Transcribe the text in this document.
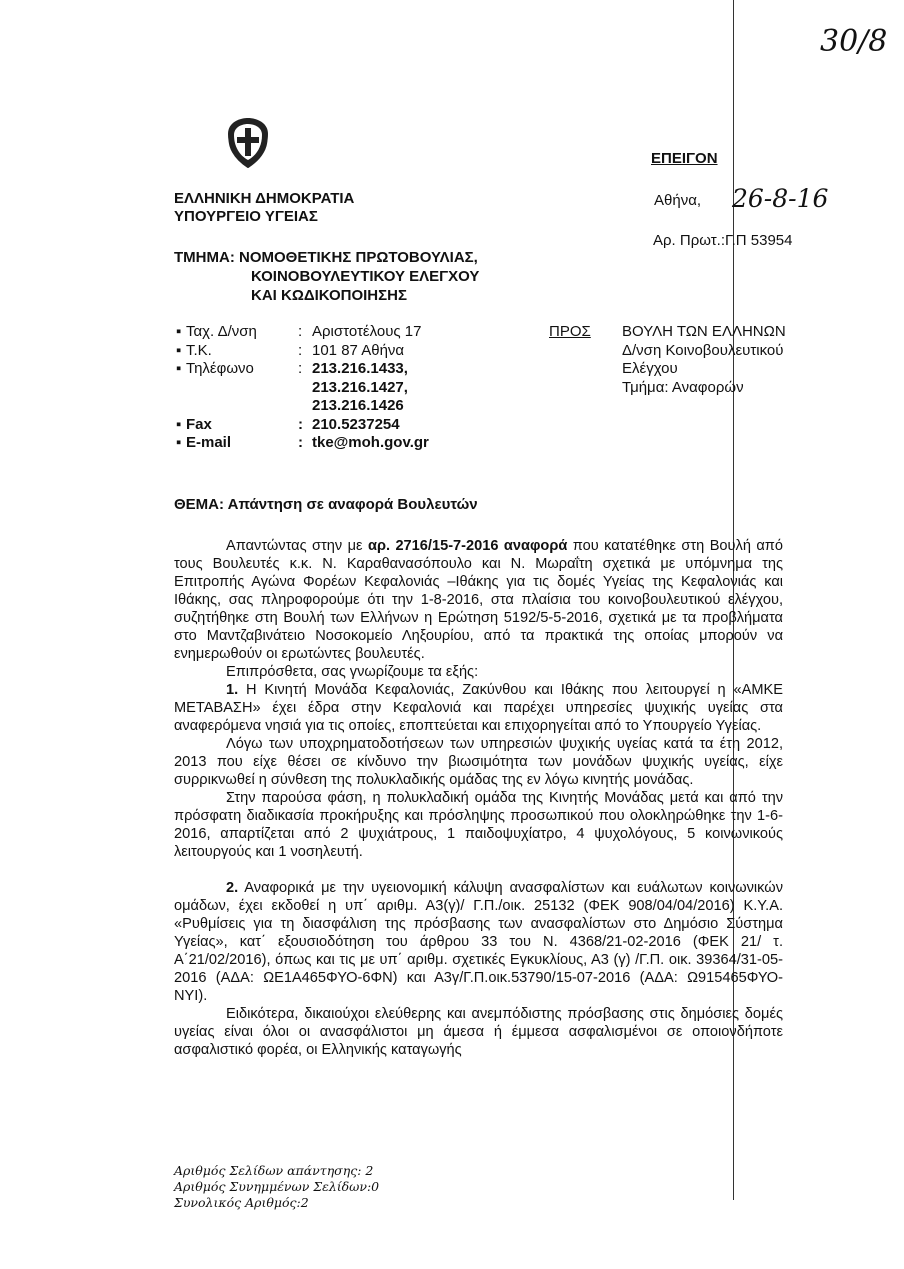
30/8
ΕΛΛΗΝΙΚΗ ΔΗΜΟΚΡΑΤΙΑ
ΥΠΟΥΡΓΕΙΟ ΥΓΕΙΑΣ
ΤΜΗΜΑ: ΝΟΜΟΘΕΤΙΚΗΣ ΠΡΩΤΟΒΟΥΛΙΑΣ,
ΚΟΙΝΟΒΟΥΛΕΥΤΙΚΟΥ ΕΛΕΓΧΟΥ
ΚΑΙ ΚΩΔΙΚΟΠΟΙΗΣΗΣ
ΕΠΕΙΓΟΝ
Αθήνα, 26-8-16
Αρ. Πρωτ.:Γ.Π 53954
▪ Ταχ. Δ/νση	: Αριστοτέλους 17
▪ Τ.Κ.	: 101 87 Αθήνα
▪ Τηλέφωνο	: 213.216.1433,
213.216.1427,
213.216.1426
▪ Fax	: 210.5237254
▪ E-mail	: tke@moh.gov.gr
ΠΡΟΣ ΒΟΥΛΗ ΤΩΝ ΕΛΛΗΝΩΝ
Δ/νση Κοινοβουλευτικού
Ελέγχου
Τμήμα: Αναφορών
ΘΕΜΑ: Απάντηση σε αναφορά Βουλευτών

Απαντώντας στην με αρ. 2716/15-7-2016 αναφορά που κατατέθηκε στη Βουλή από τους Βουλευτές κ.κ. Ν. Καραθανασόπουλο και Ν. Μωραΐτη σχετικά με υπόμνημα της Επιτροπής Αγώνα Φορέων Κεφαλονιάς –Ιθάκης για τις δομές Υγείας της Κεφαλονιάς και Ιθάκης, σας πληροφορούμε ότι την 1-8-2016, στα πλαίσια του κοινοβουλευτικού ελέγχου, συζητήθηκε στη Βουλή των Ελλήνων η Ερώτηση 5192/5-5-2016, σχετικά με τα προβλήματα στο Μαντζαβινάτειο Νοσοκομείο Ληξουρίου, από τα πρακτικά της οποίας μπορούν να ενημερωθούν οι ερωτώντες βουλευτές.

Επιπρόσθετα, σας γνωρίζουμε τα εξής:

1. Η Κινητή Μονάδα Κεφαλονιάς, Ζακύνθου και Ιθάκης που λειτουργεί η «ΑΜΚΕ ΜΕΤΑΒΑΣΗ» έχει έδρα στην Κεφαλονιά και παρέχει υπηρεσίες ψυχικής υγείας στα αναφερόμενα νησιά για τις οποίες, εποπτεύεται και επιχορηγείται από το Υπουργείο Υγείας.

Λόγω των υποχρηματοδοτήσεων των υπηρεσιών ψυχικής υγείας κατά τα έτη 2012, 2013 που είχε θέσει σε κίνδυνο την βιωσιμότητα των μονάδων ψυχικής υγείας, είχε συρρικνωθεί η σύνθεση της πολυκλαδικής ομάδας της εν λόγω κινητής μονάδας.

Στην παρούσα φάση, η πολυκλαδική ομάδα της Κινητής Μονάδας μετά και από την πρόσφατη διαδικασία προκήρυξης και πρόσληψης προσωπικού που ολοκληρώθηκε την 1-6-2016, απαρτίζεται από 2 ψυχιάτρους, 1 παιδοψυχίατρο, 4 ψυχολόγους, 5 κοινωνικούς λειτουργούς και 1 νοσηλευτή.

2. Αναφορικά με την υγειονομική κάλυψη ανασφαλίστων και ευάλωτων κοινωνικών ομάδων, έχει εκδοθεί η υπ΄ αριθμ. Α3(γ)/ Γ.Π./οικ. 25132 (ΦΕΚ 908/04/04/2016) Κ.Υ.Α. «Ρυθμίσεις για τη διασφάλιση της πρόσβασης των ανασφαλίστων στο Δημόσιο Σύστημα Υγείας», κατ΄ εξουσιοδότηση του άρθρου 33 του Ν. 4368/21-02-2016 (ΦΕΚ 21/ τ. Α΄21/02/2016), όπως και τις με υπ΄ αριθμ. σχετικές Εγκυκλίους, Α3 (γ) /Γ.Π. οικ. 39364/31-05-2016 (ΑΔΑ: ΩΕ1Α465ΦΥΟ-6ΦΝ) και Α3γ/Γ.Π.οικ.53790/15-07-2016 (ΑΔΑ: Ω915465ΦΥΟ-ΝΥΙ).

Ειδικότερα, δικαιούχοι ελεύθερης και ανεμπόδιστης πρόσβασης στις δημόσιες δομές υγείας είναι όλοι οι ανασφάλιστοι μη άμεσα ή έμμεσα ασφαλισμένοι σε οποιονδήποτε ασφαλιστικό φορέα, οι Ελληνικής καταγωγής

Αριθμός Σελίδων απάντησης: 2
Αριθμός Συνημμένων Σελίδων:0
Συνολικός Αριθμός:2
